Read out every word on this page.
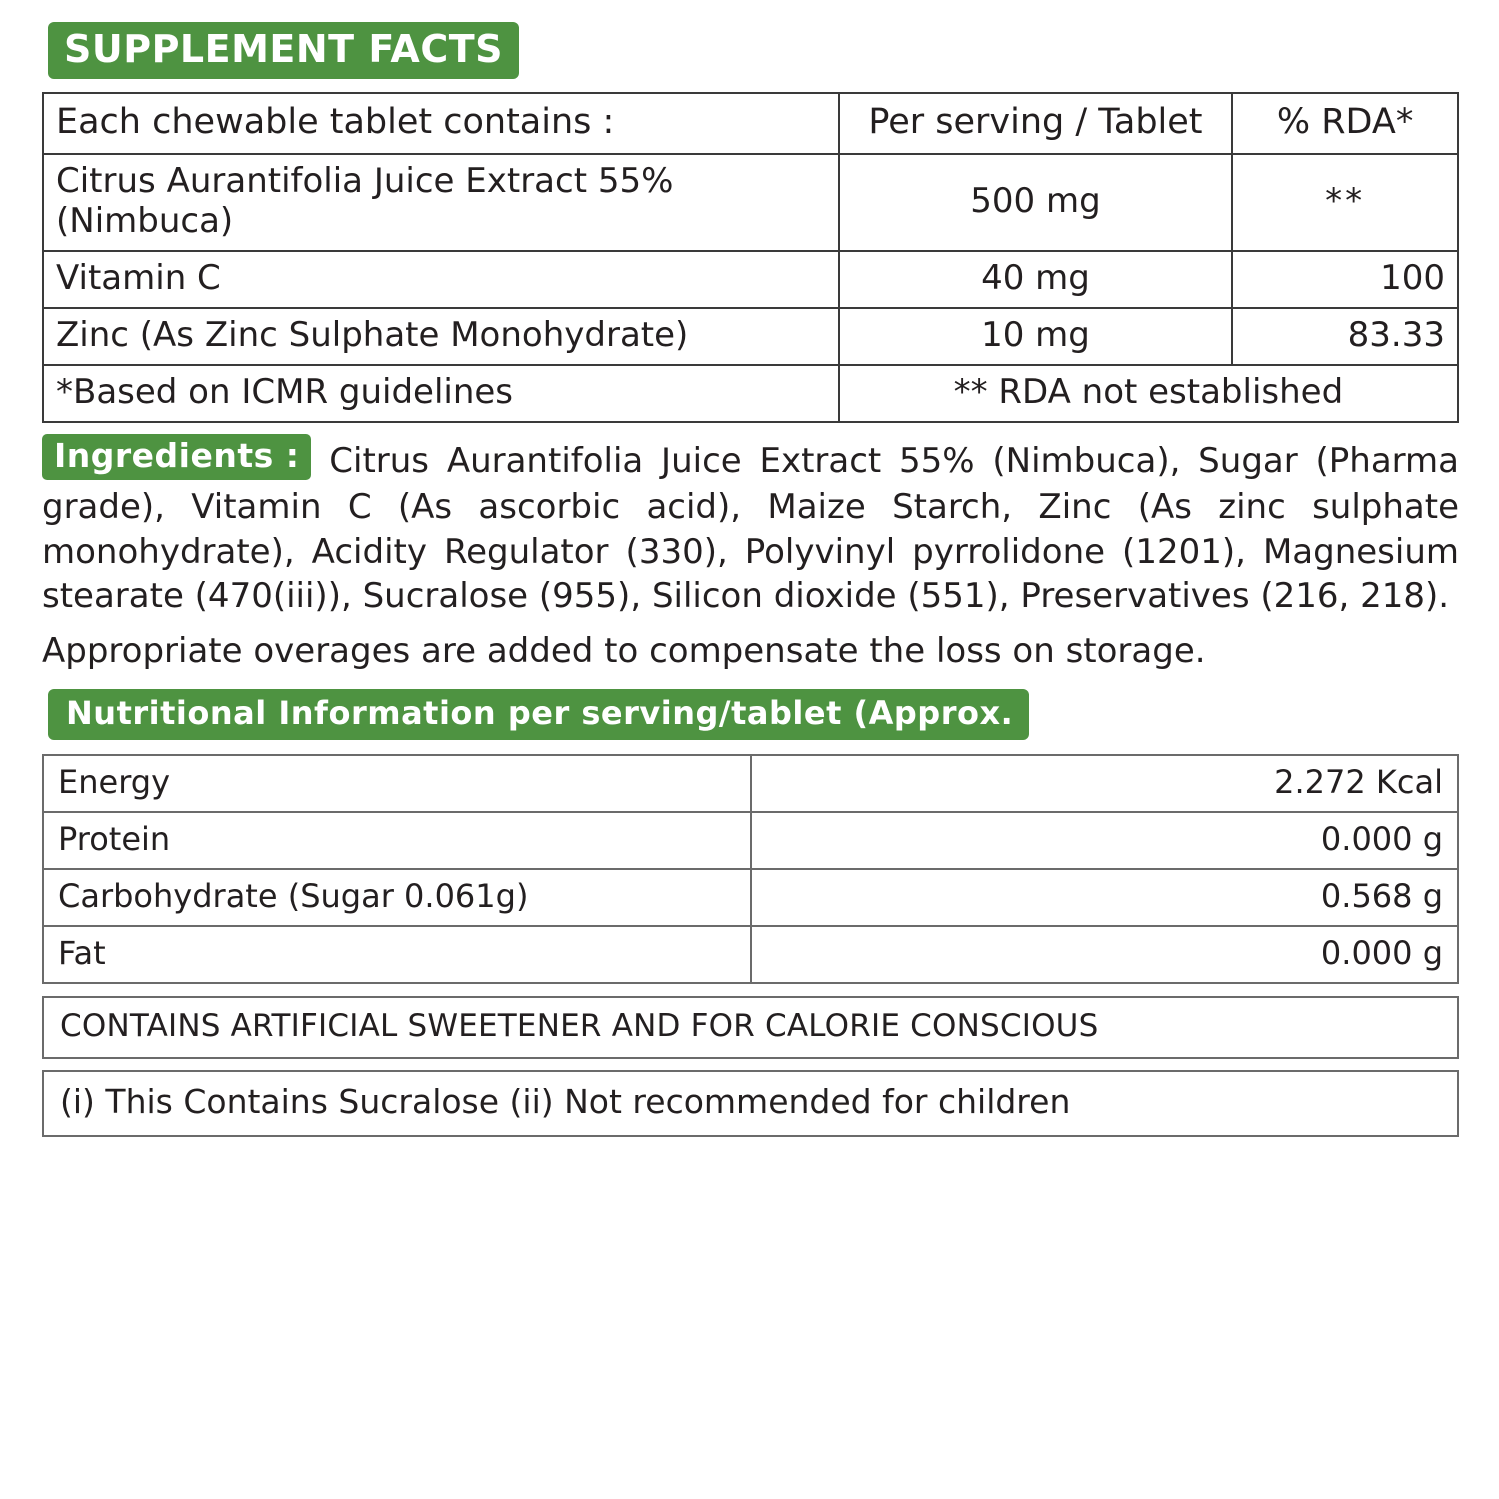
SUPPLEMENT FACTS
Each chewable tablet contains :	Per serving / Tablet	% RDA*

Citrus Aurantifolia Juice Extract 55%
(Nimbuca)	500 mg	**
Vitamin C	40 mg	100
Zinc (As Zinc Sulphate Monohydrate)	10 mg	83.33
*Based on ICMR guidelines	** RDA not established	
Ingredients : Citrus Aurantifolia Juice Extract 55% (Nimbuca), Sugar (Pharma grade), Vitamin C (As ascorbic acid), Maize Starch, Zinc (As zinc sulphate monohydrate), Acidity Regulator (330), Polyvinyl pyrrolidone (1201), Magnesium stearate (470(iii)), Sucralose (955), Silicon dioxide (551), Preservatives (216, 218).
Appropriate overages are added to compensate the loss on storage.
Nutritional Information per serving/tablet (Approx.
Energy	2.272 Kcal
Protein	0.000 g
Carbohydrate (Sugar 0.061g)	0.568 g
Fat	0.000 g
CONTAINS ARTIFICIAL SWEETENER AND FOR CALORIE CONSCIOUS
(i) This Contains Sucralose (ii) Not recommended for children
